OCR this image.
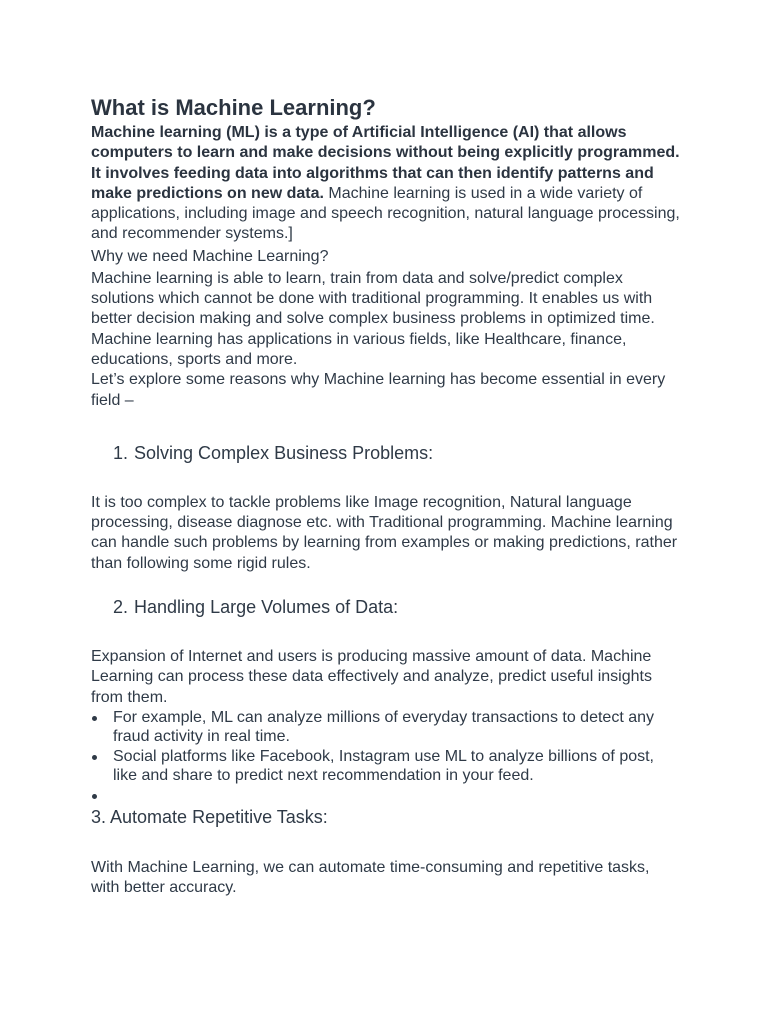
What is Machine Learning?

Machine learning (ML) is a type of Artificial Intelligence (AI) that allows computers to learn and make decisions without being explicitly programmed. It involves feeding data into algorithms that can then identify patterns and make predictions on new data. Machine learning is used in a wide variety of applications, including image and speech recognition, natural language processing, and recommender systems.]

Why we need Machine Learning?

Machine learning is able to learn, train from data and solve/predict complex solutions which cannot be done with traditional programming. It enables us with better decision making and solve complex business problems in optimized time. Machine learning has applications in various fields, like Healthcare, finance, educations, sports and more.

Let’s explore some reasons why Machine learning has become essential in every field –

1. Solving Complex Business Problems:

It is too complex to tackle problems like Image recognition, Natural language processing, disease diagnose etc. with Traditional programming. Machine learning can handle such problems by learning from examples or making predictions, rather than following some rigid rules.

2. Handling Large Volumes of Data:

Expansion of Internet and users is producing massive amount of data. Machine Learning can process these data effectively and analyze, predict useful insights from them.

For example, ML can analyze millions of everyday transactions to detect any fraud activity in real time.
Social platforms like Facebook, Instagram use ML to analyze billions of post, like and share to predict next recommendation in your feed.
3. Automate Repetitive Tasks:

With Machine Learning, we can automate time-consuming and repetitive tasks, with better accuracy.
